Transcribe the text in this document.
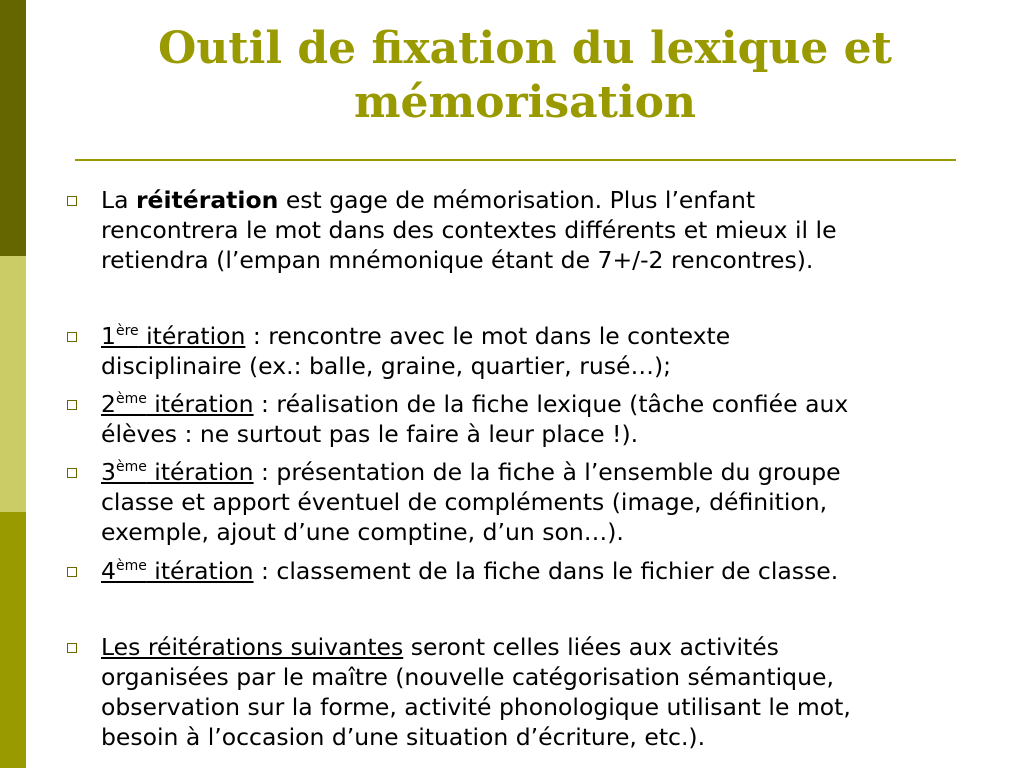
Outil de fixation du lexique et
mémorisation
La réitération est gage de mémorisation. Plus l’enfant
rencontrera le mot dans des contextes différents et mieux il le
retiendra (l’empan mnémonique étant de 7+/-2 rencontres).
1ère itération : rencontre avec le mot dans le contexte
disciplinaire (ex.: balle, graine, quartier, rusé…);
2ème itération : réalisation de la fiche lexique (tâche confiée aux
élèves : ne surtout pas le faire à leur place !).
3ème itération : présentation de la fiche à l’ensemble du groupe
classe et apport éventuel de compléments (image, définition,
exemple, ajout d’une comptine, d’un son…).
4ème itération : classement de la fiche dans le fichier de classe.
Les réitérations suivantes seront celles liées aux activités
organisées par le maître (nouvelle catégorisation sémantique,
observation sur la forme, activité phonologique utilisant le mot,
besoin à l’occasion d’une situation d’écriture, etc.).
